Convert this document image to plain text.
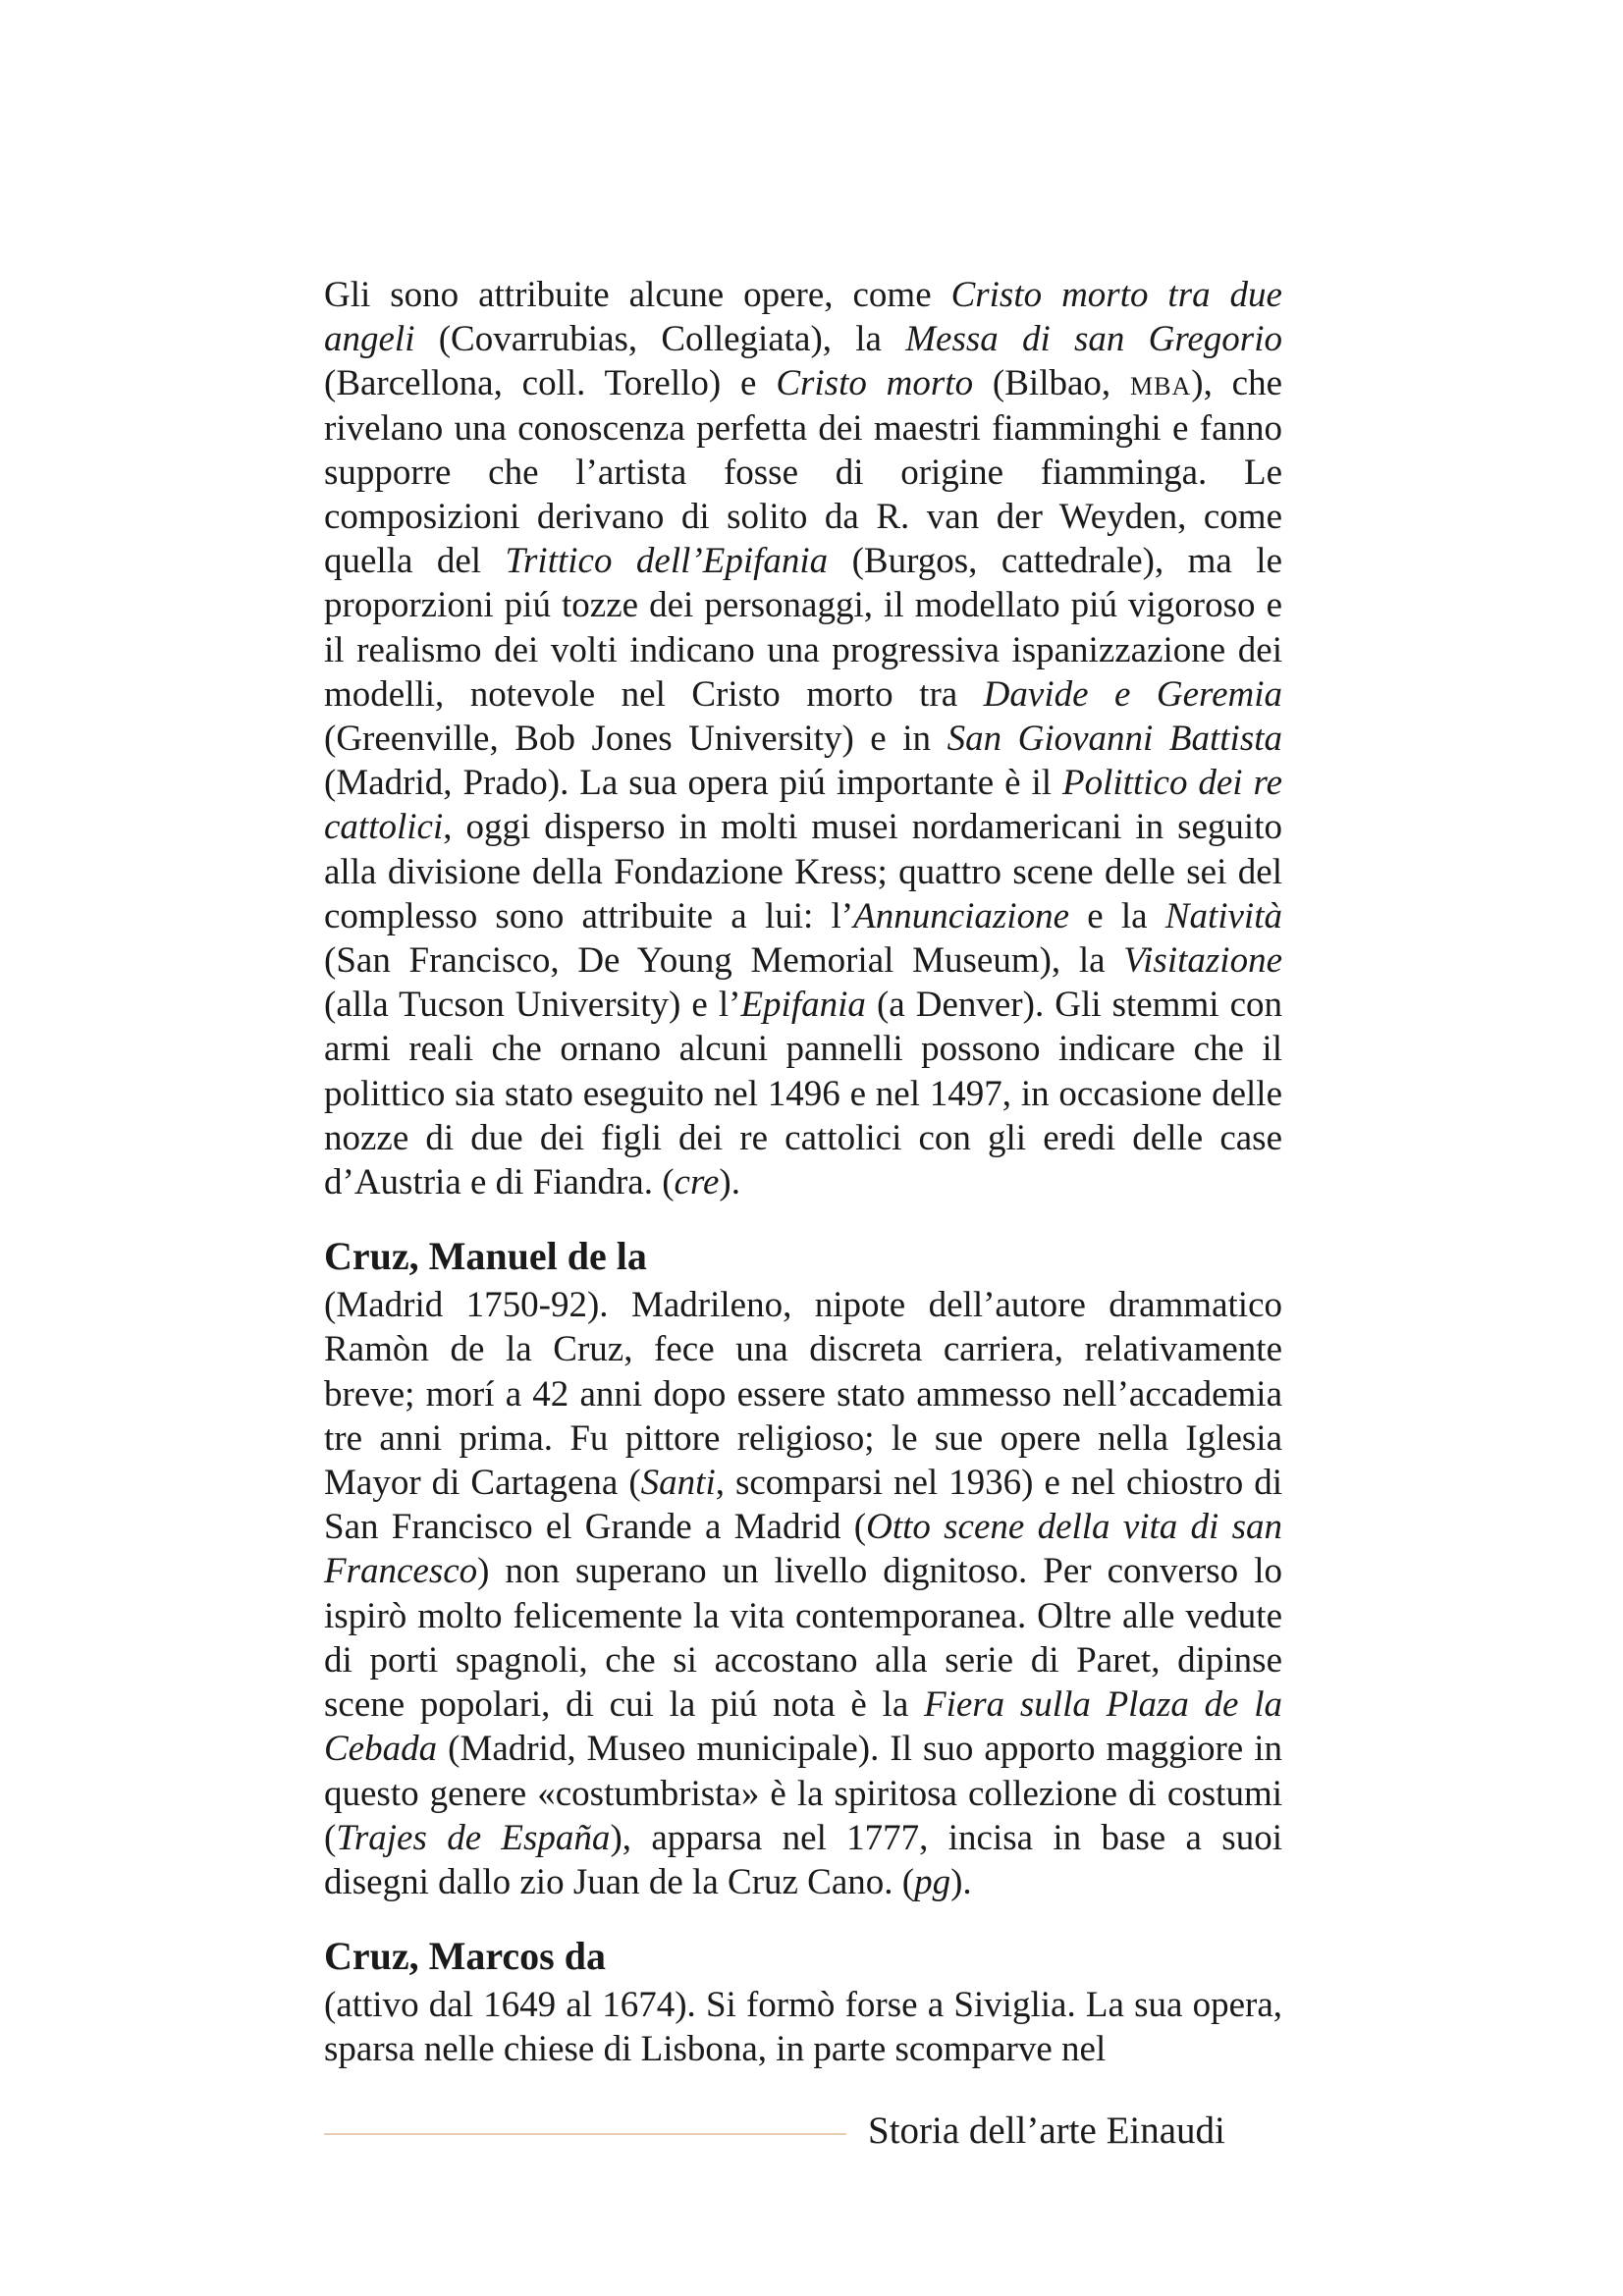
Gli sono attribuite alcune opere, come Cristo morto tra due angeli (Covarrubias, Collegiata), la Messa di san Gregorio (Barcellona, coll. Torello) e Cristo morto (Bilbao, mba), che rivelano una conoscenza perfetta dei maestri fiamminghi e fanno supporre che l’artista fosse di origine fiamminga. Le composizioni derivano di solito da R. van der Weyden, come quella del Trittico dell’Epifania (Burgos, cattedrale), ma le proporzioni piú tozze dei personaggi, il modellato piú vigoroso e il realismo dei volti indicano una progressiva ispanizzazione dei modelli, notevole nel Cristo morto tra Davide e Geremia (Greenville, Bob Jones University) e in San Giovanni Battista (Madrid, Prado). La sua opera piú importante è il Polittico dei re cattolici, oggi disperso in molti musei nordamericani in seguito alla divisione della Fondazione Kress; quattro scene delle sei del complesso sono attribuite a lui: l’Annunciazione e la Natività (San Francisco, De Young Memorial Museum), la Visitazione (alla Tucson University) e l’Epifania (a Denver). Gli stemmi con armi reali che ornano alcuni pannelli possono indicare che il polittico sia stato eseguito nel 1496 e nel 1497, in occasione delle nozze di due dei figli dei re cattolici con gli eredi delle case d’Austria e di Fiandra. (cre).

Cruz, Manuel de la

(Madrid 1750-92). Madrileno, nipote dell’autore drammatico Ramòn de la Cruz, fece una discreta carriera, relativamente breve; morí a 42 anni dopo essere stato ammesso nell’accademia tre anni prima. Fu pittore religioso; le sue opere nella Iglesia Mayor di Cartagena (Santi, scomparsi nel 1936) e nel chiostro di San Francisco el Grande a Madrid (Otto scene della vita di san Francesco) non superano un livello dignitoso. Per converso lo ispirò molto felicemente la vita contemporanea. Oltre alle vedute di porti spagnoli, che si accostano alla serie di Paret, dipinse scene popolari, di cui la piú nota è la Fiera sulla Plaza de la Cebada (Madrid, Museo municipale). Il suo apporto maggiore in questo genere «costumbrista» è la spiritosa collezione di costumi (Trajes de España), apparsa nel 1777, incisa in base a suoi disegni dallo zio Juan de la Cruz Cano. (pg).

Cruz, Marcos da

(attivo dal 1649 al 1674). Si formò forse a Siviglia. La sua opera, sparsa nelle chiese di Lisbona, in parte scomparve nel

Storia dell’arte Einaudi
